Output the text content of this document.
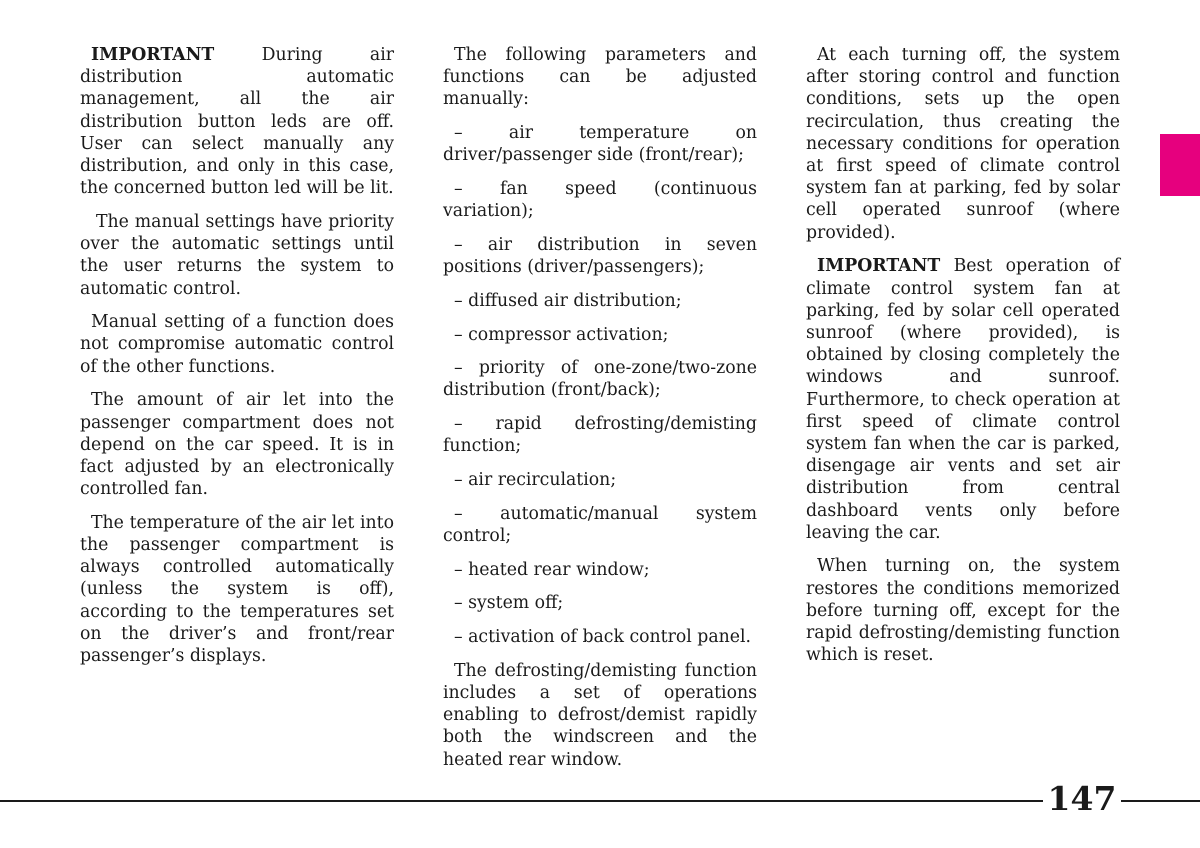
IMPORTANT During air distribution automatic management, all the air distribution button leds are off. User can select manually any distribution, and only in this case, the concerned button led will be lit.

The manual settings have priority over the automatic settings until the user returns the system to automatic control.

Manual setting of a function does not compromise automatic control of the other functions.

The amount of air let into the passenger compartment does not depend on the car speed. It is in fact adjusted by an electronically controlled fan.

The temperature of the air let into the passenger compartment is always controlled automatically (unless the system is off), according to the temperatures set on the driver’s and front/rear passenger’s displays.

The following parameters and functions can be adjusted manually:

– air temperature on driver/passenger side (front/rear);

– fan speed (continuous variation);

– air distribution in seven positions (driver/passengers);

– diffused air distribution;

– compressor activation;

– priority of one-zone/two-zone distribution (front/back);

– rapid defrosting/demisting function;

– air recirculation;

– automatic/manual system control;

– heated rear window;

– system off;

– activation of back control panel.

The defrosting/demisting function includes a set of operations enabling to defrost/demist rapidly both the windscreen and the heated rear window.

At each turning off, the system after storing control and function conditions, sets up the open recirculation, thus creating the necessary conditions for operation at first speed of climate control system fan at parking, fed by solar cell operated sunroof (where provided).

IMPORTANT Best operation of climate control system fan at parking, fed by solar cell operated sunroof (where provided), is obtained by closing completely the windows and sunroof. Furthermore, to check operation at first speed of climate control system fan when the car is parked, disengage air vents and set air distribution from central dashboard vents only before leaving the car.

When turning on, the system restores the conditions memorized before turning off, except for the rapid defrosting/demisting function which is reset.

147
